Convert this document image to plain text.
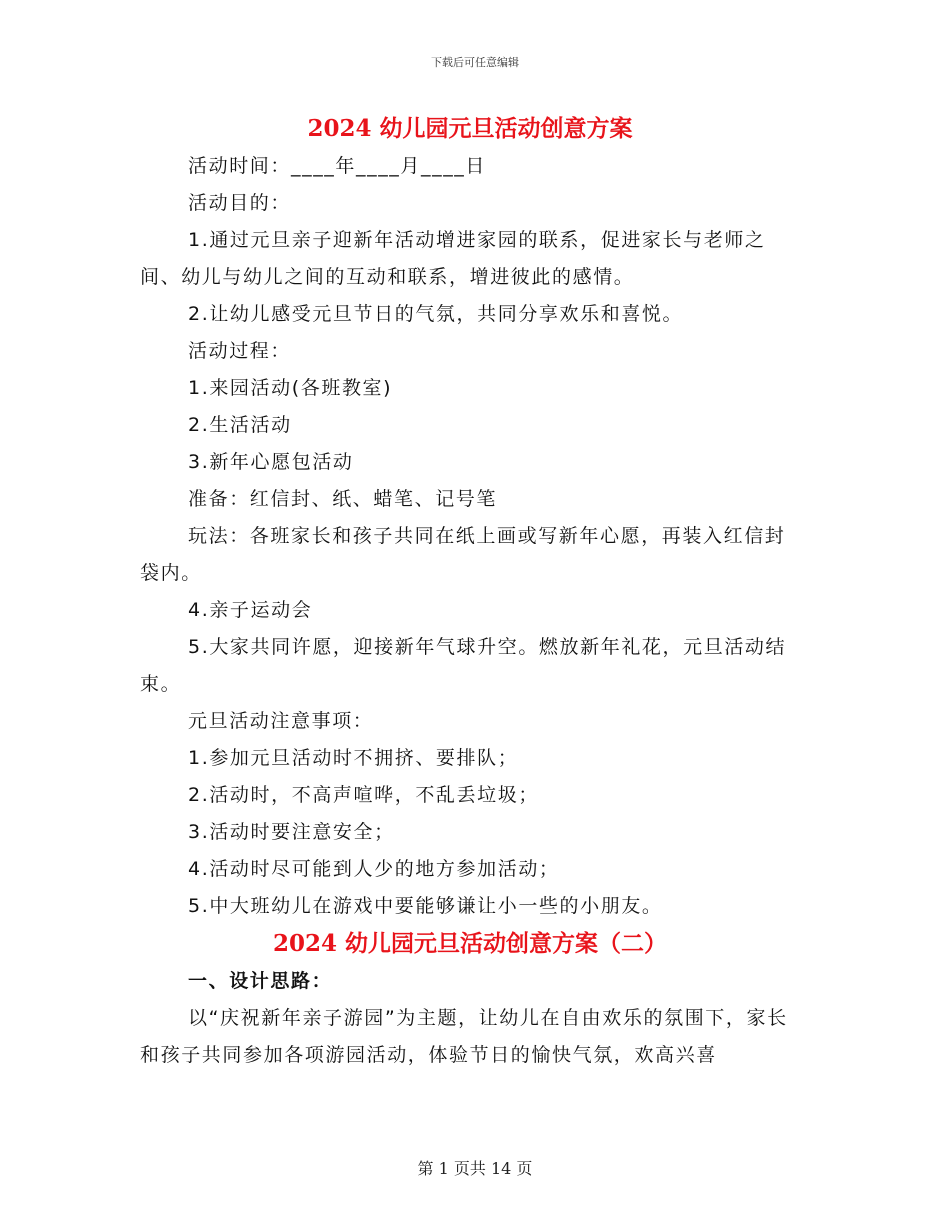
下载后可任意编辑
2024 幼儿园元旦活动创意方案

活动时间：____年____月____日

活动目的：

1.通过元旦亲子迎新年活动增进家园的联系，促进家长与老师之间、幼儿与幼儿之间的互动和联系，增进彼此的感情。

2.让幼儿感受元旦节日的气氛，共同分享欢乐和喜悦。

活动过程：

1.来园活动(各班教室)

2.生活活动

3.新年心愿包活动

准备：红信封、纸、蜡笔、记号笔

玩法：各班家长和孩子共同在纸上画或写新年心愿，再装入红信封袋内。

4.亲子运动会

5.大家共同许愿，迎接新年气球升空。燃放新年礼花，元旦活动结束。

元旦活动注意事项：

1.参加元旦活动时不拥挤、要排队；

2.活动时，不高声喧哗，不乱丢垃圾；

3.活动时要注意安全；

4.活动时尽可能到人少的地方参加活动；

5.中大班幼儿在游戏中要能够谦让小一些的小朋友。

2024 幼儿园元旦活动创意方案（二）

一、设计思路：

以“庆祝新年亲子游园”为主题，让幼儿在自由欢乐的氛围下，家长和孩子共同参加各项游园活动，体验节日的愉快气氛，欢高兴喜

第 1 页共 14 页
